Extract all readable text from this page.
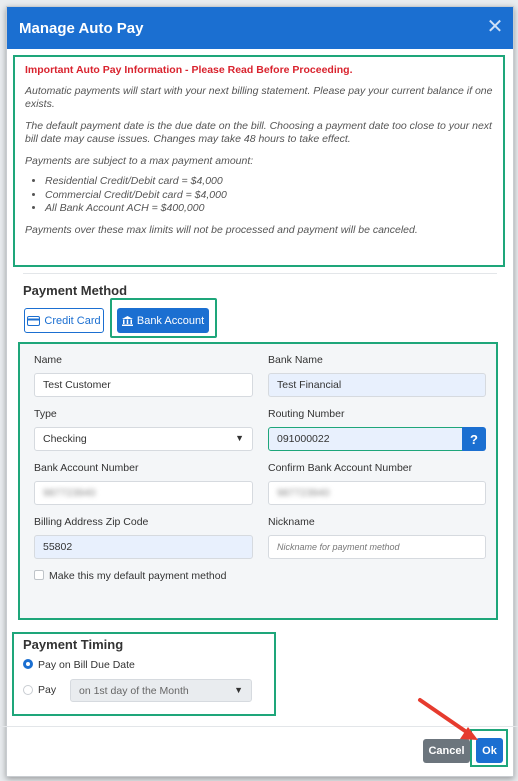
Manage Auto Pay	✕

Important Auto Pay Information - Please Read Before Proceeding.

Automatic payments will start with your next billing statement. Please pay your current balance if one exists.

The default payment date is the due date on the bill. Choosing a payment date too close to your next bill date may cause issues. Changes may take 48 hours to take effect.

Payments are subject to a max payment amount:

• Residential Credit/Debit card = $4,000
• Commercial Credit/Debit card = $4,000
• All Bank Account ACH = $400,000

Payments over these max limits will not be processed and payment will be canceled.

Payment Method
Credit Card	Bank Account
Name
Test Customer
Bank Name
Test Financial
Type
Checking	▼
Routing Number
091000022	?
Bank Account Number
987723940
Confirm Bank Account Number
987723940
Billing Address Zip Code
55802
Nickname
Nickname for payment method
Make this my default payment method
Payment Timing
Pay on Bill Due Date
Pay on 1st day of the Month	▼
Cancel	Ok
